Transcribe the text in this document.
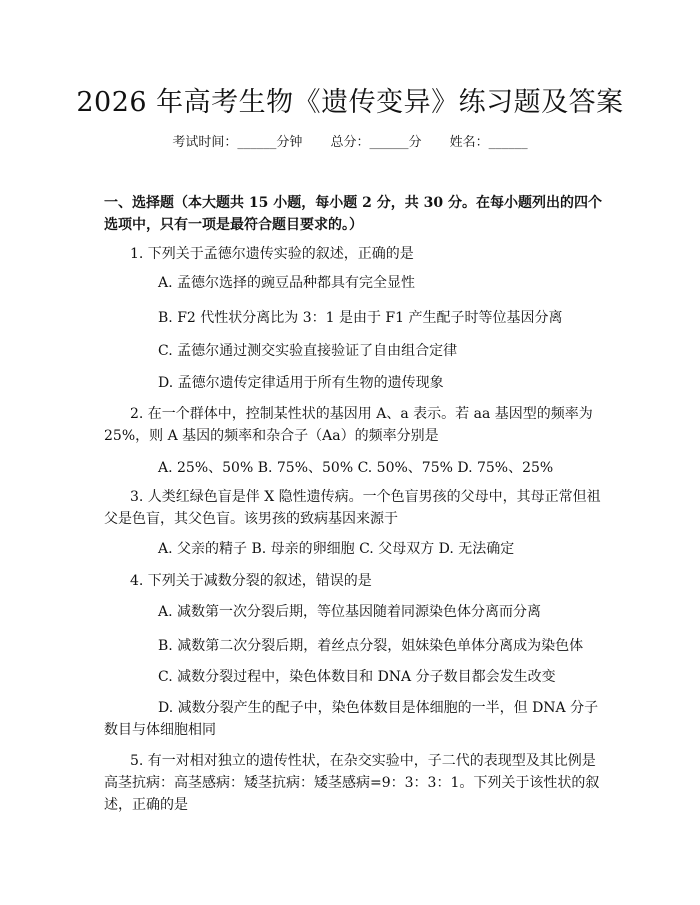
2026 年高考生物《遗传变异》练习题及答案
考试时间：______分钟 总分：______分 姓名：______
一、选择题（本大题共 15 小题，每小题 2 分，共 30 分。在每小题列出的四个选项中，只有一项是最符合题目要求的。）
1. 下列关于孟德尔遗传实验的叙述，正确的是
A. 孟德尔选择的豌豆品种都具有完全显性
B. F2 代性状分离比为 3：1 是由于 F1 产生配子时等位基因分离
C. 孟德尔通过测交实验直接验证了自由组合定律
D. 孟德尔遗传定律适用于所有生物的遗传现象
2. 在一个群体中，控制某性状的基因用 A、a 表示。若 aa 基因型的频率为 25%，则 A 基因的频率和杂合子（Aa）的频率分别是
A. 25%、50% B. 75%、50% C. 50%、75% D. 75%、25%
3. 人类红绿色盲是伴 X 隐性遗传病。一个色盲男孩的父母中，其母正常但祖父是色盲，其父色盲。该男孩的致病基因来源于
A. 父亲的精子 B. 母亲的卵细胞 C. 父母双方 D. 无法确定
4. 下列关于减数分裂的叙述，错误的是
A. 减数第一次分裂后期，等位基因随着同源染色体分离而分离
B. 减数第二次分裂后期，着丝点分裂，姐妹染色单体分离成为染色体
C. 减数分裂过程中，染色体数目和 DNA 分子数目都会发生改变
D. 减数分裂产生的配子中，染色体数目是体细胞的一半，但 DNA 分子数目与体细胞相同
5. 有一对相对独立的遗传性状，在杂交实验中，子二代的表现型及其比例是高茎抗病：高茎感病：矮茎抗病：矮茎感病=9：3：3：1。下列关于该性状的叙述，正确的是
